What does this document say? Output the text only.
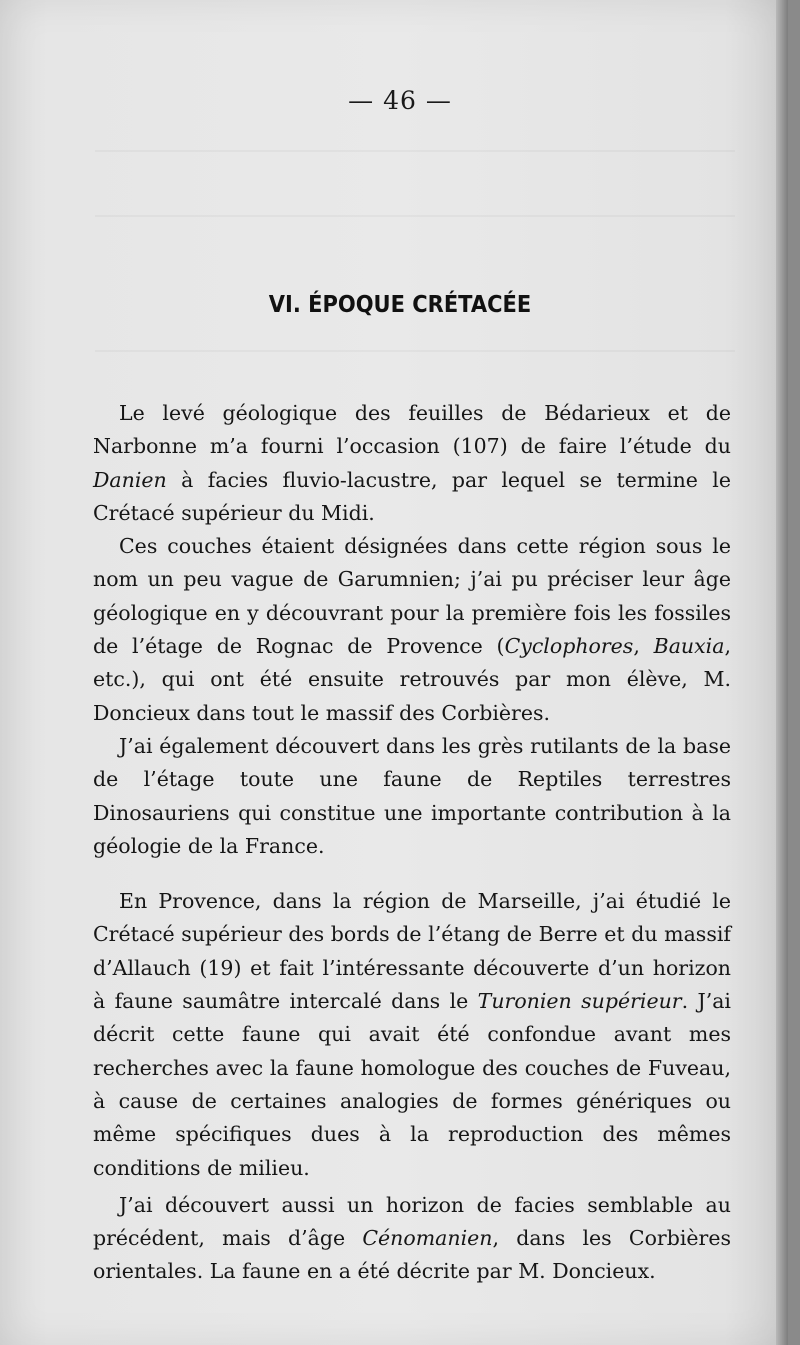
— 46 —
VI. ÉPOQUE CRÉTACÉE

Le levé géologique des feuilles de Bédarieux et de Narbonne m’a fourni l’occasion (107) de faire l’étude du Danien à facies fluvio-lacustre, par lequel se termine le Crétacé supérieur du Midi.

Ces couches étaient désignées dans cette région sous le nom un peu vague de Garumnien; j’ai pu préciser leur âge géologique en y découvrant pour la première fois les fossiles de l’étage de Rognac de Provence (Cyclophores, Bauxia, etc.), qui ont été ensuite retrouvés par mon élève, M. Doncieux dans tout le massif des Corbières.

J’ai également découvert dans les grès rutilants de la base de l’étage toute une faune de Reptiles terrestres Dinosauriens qui constitue une importante contribution à la géologie de la France.

En Provence, dans la région de Marseille, j’ai étudié le Crétacé supérieur des bords de l’étang de Berre et du massif d’Allauch (19) et fait l’intéressante découverte d’un horizon à faune saumâtre intercalé dans le Turonien supérieur. J’ai décrit cette faune qui avait été confondue avant mes recherches avec la faune homologue des couches de Fuveau, à cause de certaines analogies de formes génériques ou même spécifiques dues à la reproduction des mêmes conditions de milieu.

J’ai découvert aussi un horizon de facies semblable au précédent, mais d’âge Cénomanien, dans les Corbières orientales. La faune en a été décrite par M. Doncieux.
